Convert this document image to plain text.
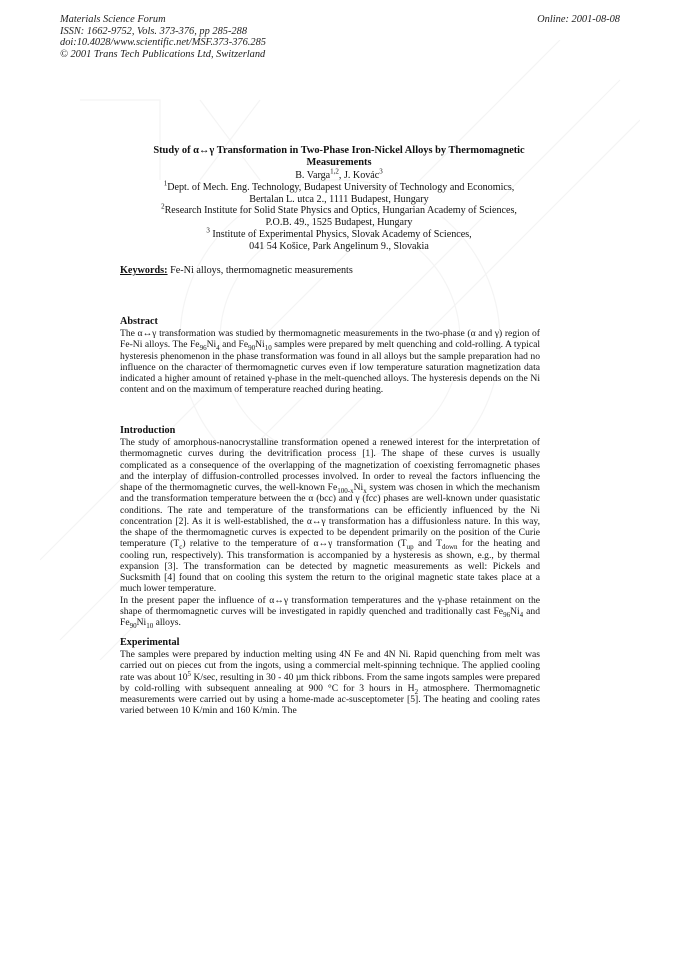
Materials Science Forum
ISSN: 1662-9752, Vols. 373-376, pp 285-288
doi:10.4028/www.scientific.net/MSF.373-376.285
© 2001 Trans Tech Publications Ltd, Switzerland
Online: 2001-08-08
Study of α↔γ Transformation in Two-Phase Iron-Nickel Alloys by Thermomagnetic
Measurements
B. Varga$^{1,2}$, J. Kovác$^3$
$^1$Dept. of Mech. Eng. Technology, Budapest University of Technology and Economics,
Bertalan L. utca 2., 1111 Budapest, Hungary
$^2$Research Institute for Solid State Physics and Optics, Hungarian Academy of Sciences,
P.O.B. 49., 1525 Budapest, Hungary
$^3$ Institute of Experimental Physics, Slovak Academy of Sciences,
041 54 Košice, Park Angelinum 9., Slovakia
Keywords: Fe-Ni alloys, thermomagnetic measurements
Abstract

The α↔γ transformation was studied by thermomagnetic measurements in the two-phase (α and γ) region of Fe-Ni alloys. The $Fe_{96}Ni_4$ and $Fe_{90}Ni_{10}$ samples were prepared by melt quenching and cold-rolling. A typical hysteresis phenomenon in the phase transformation was found in all alloys but the sample preparation had no influence on the character of thermomagnetic curves even if low temperature saturation magnetization data indicated a higher amount of retained γ-phase in the melt-quenched alloys. The hysteresis depends on the Ni content and on the maximum of temperature reached during heating.

Introduction

The study of amorphous-nanocrystalline transformation opened a renewed interest for the interpretation of thermomagnetic curves during the devitrification process [1]. The shape of these curves is usually complicated as a consequence of the overlapping of the magnetization of coexisting ferromagnetic phases and the interplay of diffusion-controlled processes involved. In order to reveal the factors influencing the shape of the thermomagnetic curves, the well-known $Fe_{100-x}Ni_x$ system was chosen in which the mechanism and the transformation temperature between the α (bcc) and γ (fcc) phases are well-known under quasistatic conditions. The rate and temperature of the transformations can be efficiently influenced by the Ni concentration [2]. As it is well-established, the α↔γ transformation has a diffusionless nature. In this way, the shape of the thermomagnetic curves is expected to be dependent primarily on the position of the Curie temperature $(T_c)$ relative to the temperature of α↔γ transformation ($T_{up}$ and $T_{down}$ for the heating and cooling run, respectively). This transformation is accompanied by a hysteresis as shown, e.g., by thermal expansion [3]. The transformation can be detected by magnetic measurements as well: Pickels and Sucksmith [4] found that on cooling this system the return to the original magnetic state takes place at a much lower temperature.

In the present paper the influence of α↔γ transformation temperatures and the γ-phase retainment on the shape of thermomagnetic curves will be investigated in rapidly quenched and traditionally cast $Fe_{96}Ni_4$ and $Fe_{90}Ni_{10}$ alloys.

Experimental

The samples were prepared by induction melting using 4N Fe and 4N Ni. Rapid quenching from melt was carried out on pieces cut from the ingots, using a commercial melt-spinning technique. The applied cooling rate was about $10^5$ K/sec, resulting in 30 - 40 µm thick ribbons. From the same ingots samples were prepared by cold-rolling with subsequent annealing at 900 °C for 3 hours in $H_2$ atmosphere. Thermomagnetic measurements were carried out by using a home-made ac-susceptometer [5]. The heating and cooling rates varied between 10 K/min and 160 K/min. The
